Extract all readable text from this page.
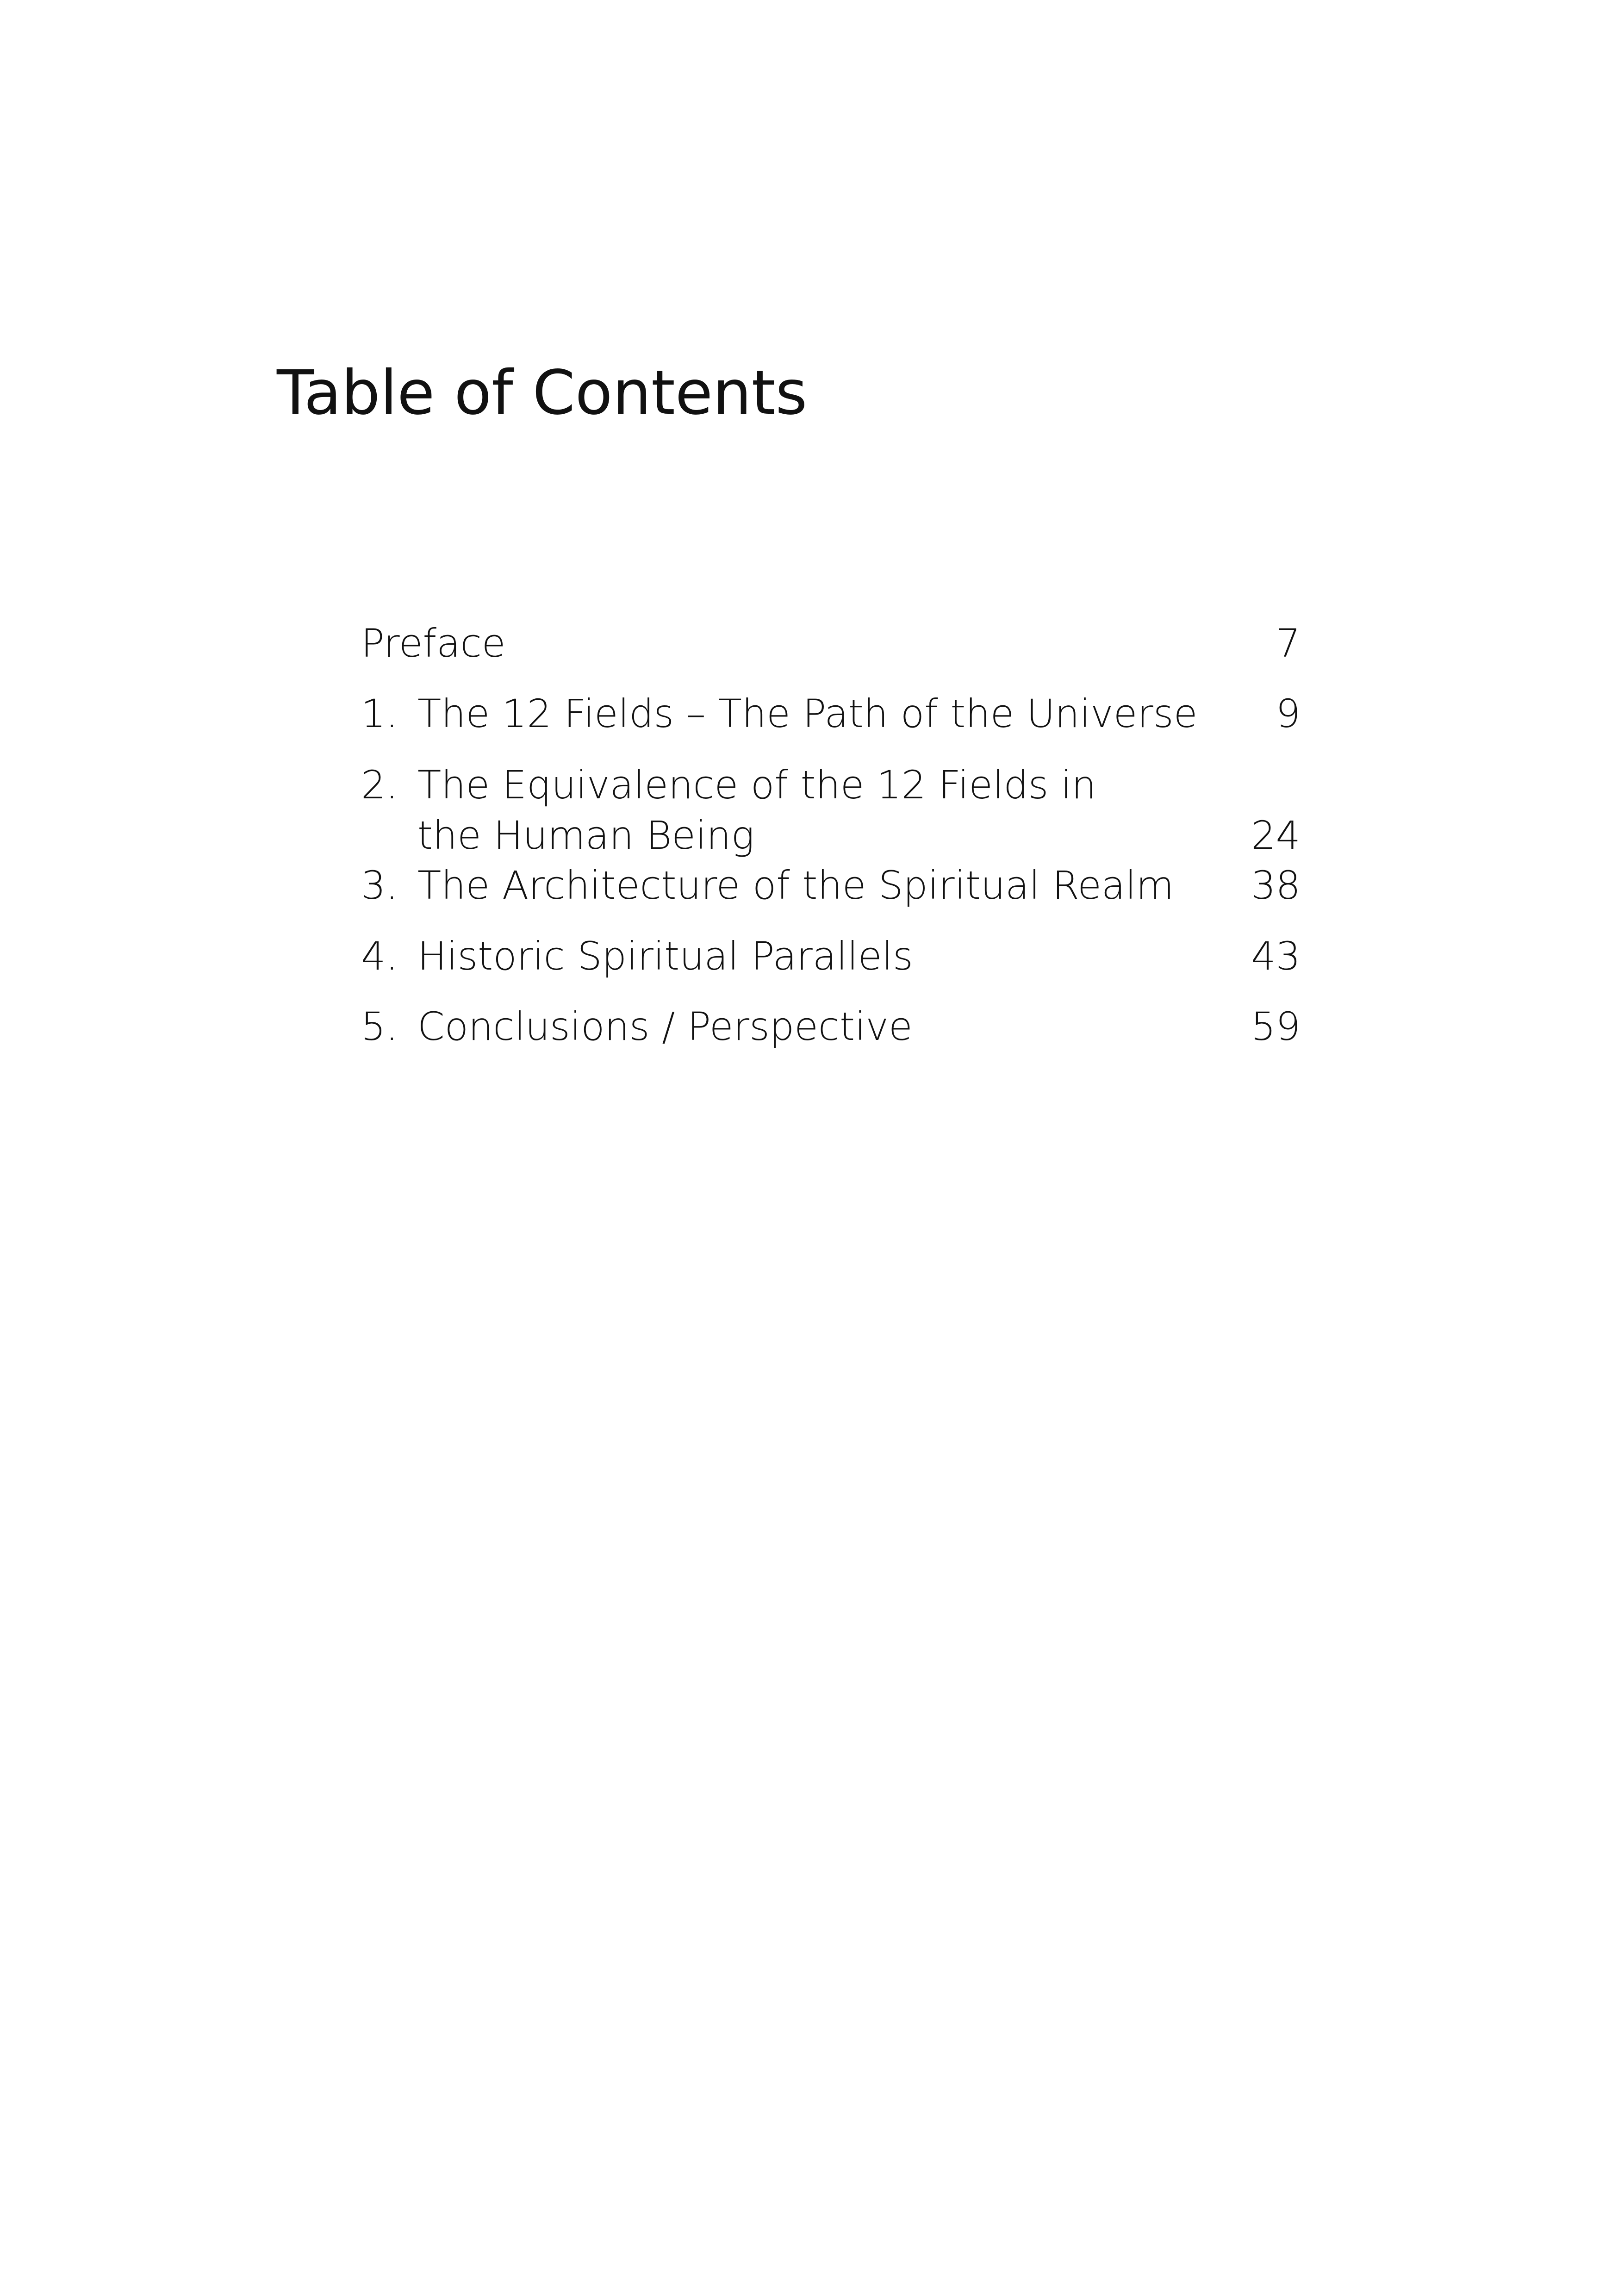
Table of Contents
Preface	7
1. The 12 Fields – The Path of the Universe 9
2. The Equivalence of the 12 Fields in
the Human Being	24
3. The Architecture of the Spiritual Realm 38
4. Historic Spiritual Parallels	43
5. Conclusions / Perspective	59
